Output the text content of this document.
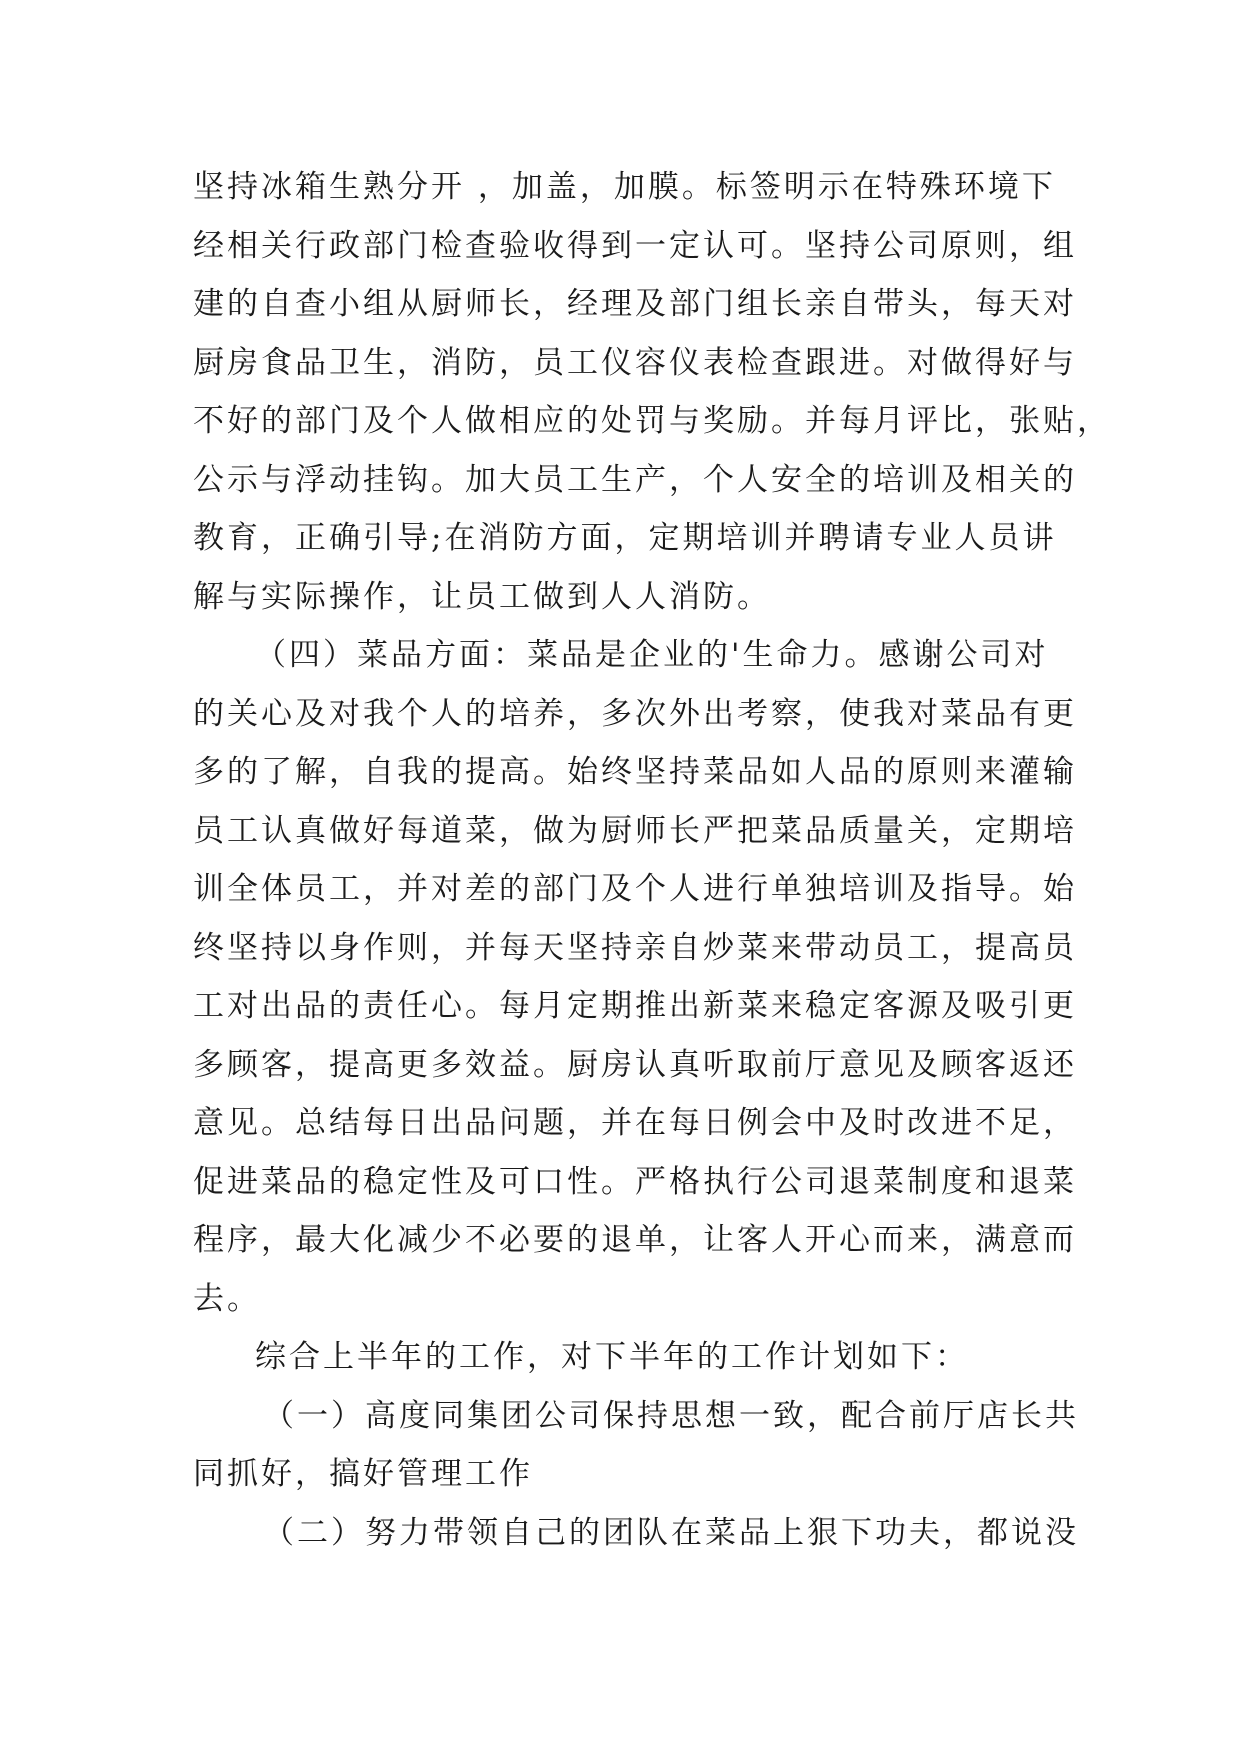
坚持冰箱生熟分开 ，加盖，加膜。标签明示在特殊环境下
经相关行政部门检查验收得到一定认可。坚持公司原则，组
建的自查小组从厨师长，经理及部门组长亲自带头，每天对
厨房食品卫生，消防，员工仪容仪表检查跟进。对做得好与
不好的部门及个人做相应的处罚与奖励。并每月评比，张贴，
公示与浮动挂钩。加大员工生产，个人安全的培训及相关的
教育，正确引导;在消防方面，定期培训并聘请专业人员讲
解与实际操作，让员工做到人人消防。
（四）菜品方面：菜品是企业的'生命力。感谢公司对
的关心及对我个人的培养，多次外出考察，使我对菜品有更
多的了解，自我的提高。始终坚持菜品如人品的原则来灌输
员工认真做好每道菜，做为厨师长严把菜品质量关，定期培
训全体员工，并对差的部门及个人进行单独培训及指导。始
终坚持以身作则，并每天坚持亲自炒菜来带动员工，提高员
工对出品的责任心。每月定期推出新菜来稳定客源及吸引更
多顾客，提高更多效益。厨房认真听取前厅意见及顾客返还
意见。总结每日出品问题，并在每日例会中及时改进不足，
促进菜品的稳定性及可口性。严格执行公司退菜制度和退菜
程序，最大化减少不必要的退单，让客人开心而来，满意而
去。
综合上半年的工作，对下半年的工作计划如下：
（一）高度同集团公司保持思想一致，配合前厅店长共
同抓好，搞好管理工作
（二）努力带领自己的团队在菜品上狠下功夫，都说没
